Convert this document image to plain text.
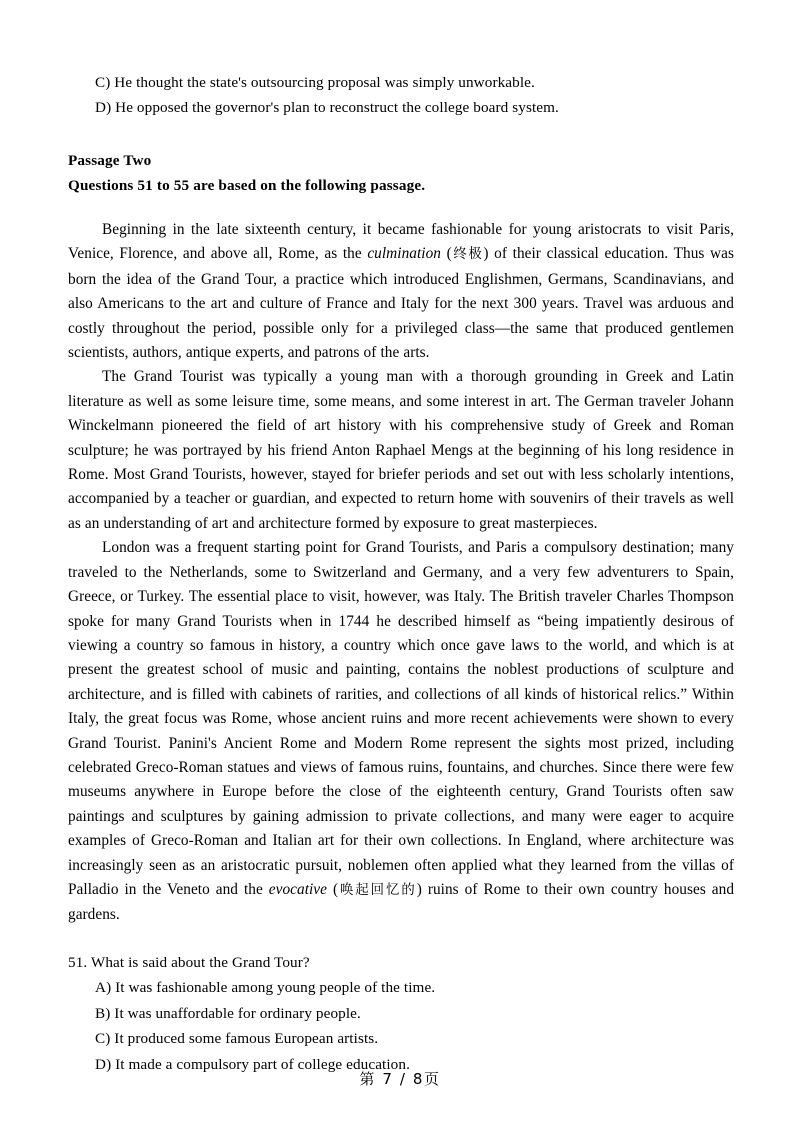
C) He thought the state's outsourcing proposal was simply unworkable.
D) He opposed the governor's plan to reconstruct the college board system.
Passage Two
Questions 51 to 55 are based on the following passage.

Beginning in the late sixteenth century, it became fashionable for young aristocrats to visit Paris, Venice, Florence, and above all, Rome, as the culmination (终极) of their classical education. Thus was born the idea of the Grand Tour, a practice which introduced Englishmen, Germans, Scandinavians, and also Americans to the art and culture of France and Italy for the next 300 years. Travel was arduous and costly throughout the period, possible only for a privileged class—the same that produced gentlemen scientists, authors, antique experts, and patrons of the arts.

The Grand Tourist was typically a young man with a thorough grounding in Greek and Latin literature as well as some leisure time, some means, and some interest in art. The German traveler Johann Winckelmann pioneered the field of art history with his comprehensive study of Greek and Roman sculpture; he was portrayed by his friend Anton Raphael Mengs at the beginning of his long residence in Rome. Most Grand Tourists, however, stayed for briefer periods and set out with less scholarly intentions, accompanied by a teacher or guardian, and expected to return home with souvenirs of their travels as well as an understanding of art and architecture formed by exposure to great masterpieces.

London was a frequent starting point for Grand Tourists, and Paris a compulsory destination; many traveled to the Netherlands, some to Switzerland and Germany, and a very few adventurers to Spain, Greece, or Turkey. The essential place to visit, however, was Italy. The British traveler Charles Thompson spoke for many Grand Tourists when in 1744 he described himself as “being impatiently desirous of viewing a country so famous in history, a country which once gave laws to the world, and which is at present the greatest school of music and painting, contains the noblest productions of sculpture and architecture, and is filled with cabinets of rarities, and collections of all kinds of historical relics.” Within Italy, the great focus was Rome, whose ancient ruins and more recent achievements were shown to every Grand Tourist. Panini's Ancient Rome and Modern Rome represent the sights most prized, including celebrated Greco-Roman statues and views of famous ruins, fountains, and churches. Since there were few museums anywhere in Europe before the close of the eighteenth century, Grand Tourists often saw paintings and sculptures by gaining admission to private collections, and many were eager to acquire examples of Greco-Roman and Italian art for their own collections. In England, where architecture was increasingly seen as an aristocratic pursuit, noblemen often applied what they learned from the villas of Palladio in the Veneto and the evocative (唤起回忆的) ruins of Rome to their own country houses and gardens.

51. What is said about the Grand Tour?
A) It was fashionable among young people of the time.
B) It was unaffordable for ordinary people.
C) It produced some famous European artists.
D) It made a compulsory part of college education.
第 7 / 8页
